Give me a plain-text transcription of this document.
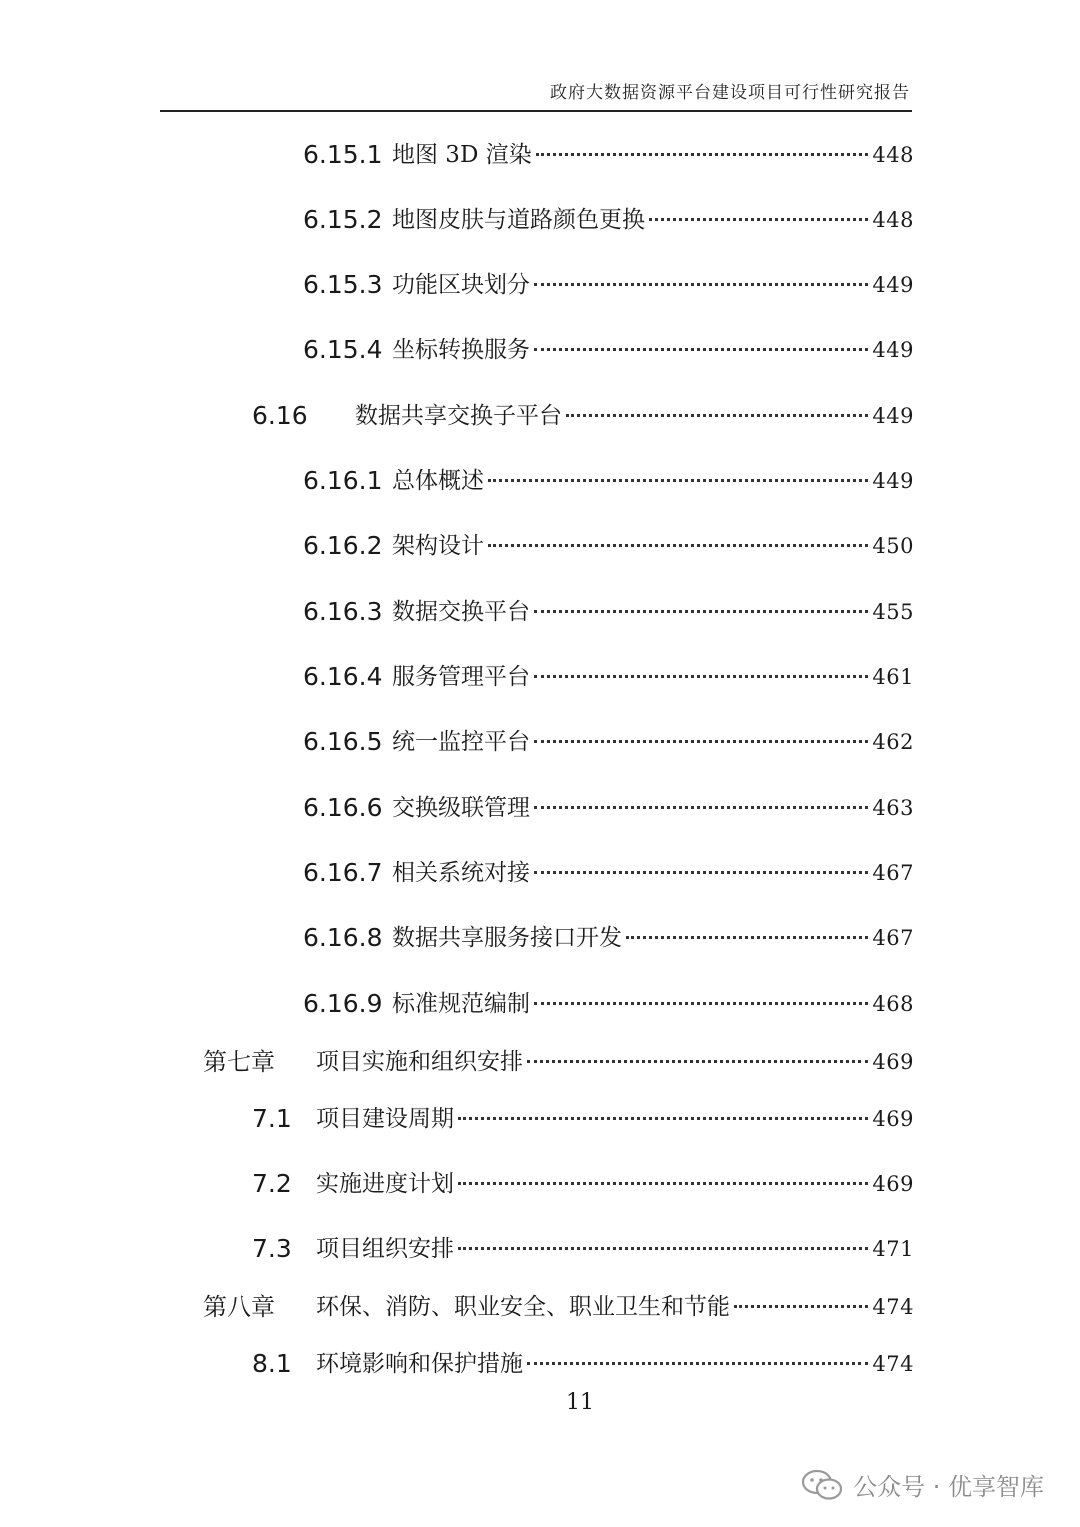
政府大数据资源平台建设项目可行性研究报告
6.15.1 地图 3D 渲染	448
6.15.2 地图皮肤与道路颜色更换	448
6.15.3 功能区块划分	449
6.15.4 坐标转换服务	449
6.16 数据共享交换子平台	449
6.16.1 总体概述	449
6.16.2 架构设计	450
6.16.3 数据交换平台	455
6.16.4 服务管理平台	461
6.16.5 统一监控平台	462
6.16.6 交换级联管理	463
6.16.7 相关系统对接	467
6.16.8 数据共享服务接口开发	467
6.16.9 标准规范编制	468
第七章 项目实施和组织安排	469
7.1 项目建设周期	469
7.2 实施进度计划	469
7.3 项目组织安排	471
第八章 环保、消防、职业安全、职业卫生和节能	474
8.1 环境影响和保护措施	474
11
公众号 · 优享智库
